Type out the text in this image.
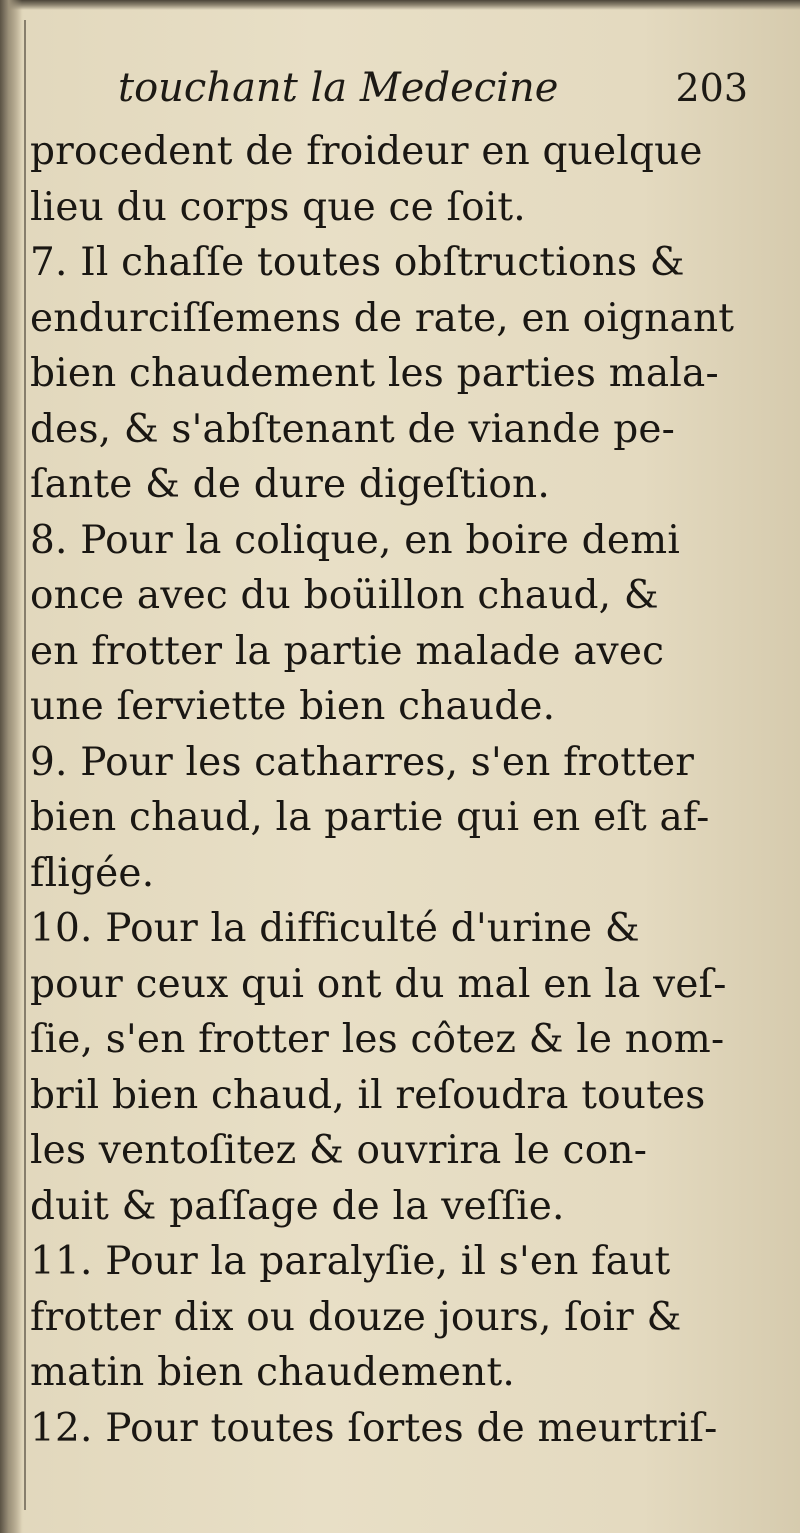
touchant la Medecine	203
procedent de froideur en quelque
lieu du corps que ce ſoit.
7. Il chaſſe toutes obſtructions &
endurciſſemens de rate, en oignant
bien chaudement les parties mala-
des, & s'abſtenant de viande pe-
ſante & de dure digeſtion.
8. Pour la colique, en boire demi
once avec du boüillon chaud, &
en frotter la partie malade avec
une ſerviette bien chaude.
9. Pour les catharres, s'en frotter
bien chaud, la partie qui en eſt af-
fligée.
10. Pour la difficulté d'urine &
pour ceux qui ont du mal en la veſ-
ſie, s'en frotter les côtez & le nom-
bril bien chaud, il reſoudra toutes
les ventoſitez & ouvrira le con-
duit & paſſage de la veſſie.
11. Pour la paralyſie, il s'en faut
frotter dix ou douze jours, ſoir &
matin bien chaudement.
12. Pour toutes ſortes de meurtriſ-
